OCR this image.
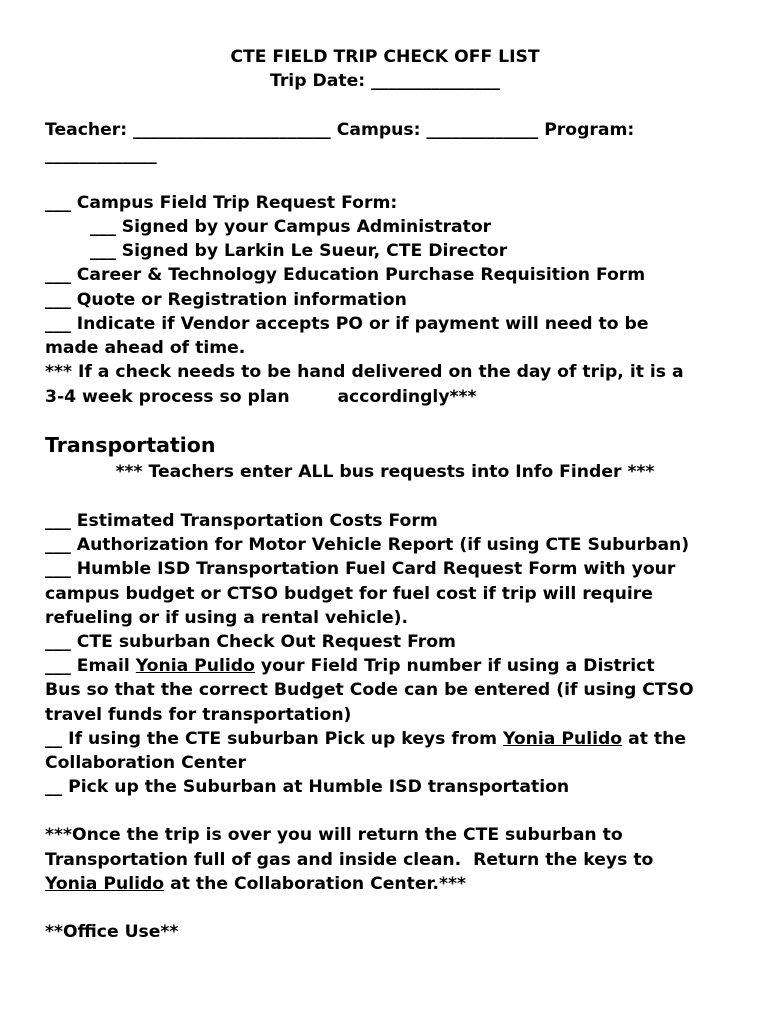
CTE FIELD TRIP CHECK OFF LIST
Trip Date: _______________
Teacher: _______________________ Campus: _____________ Program:
_____________
___ Campus Field Trip Request Form:
___ Signed by your Campus Administrator
___ Signed by Larkin Le Sueur, CTE Director
___ Career & Technology Education Purchase Requisition Form
___ Quote or Registration information
___ Indicate if Vendor accepts PO or if payment will need to be
made ahead of time.
*** If a check needs to be hand delivered on the day of trip, it is a
3-4 week process so plan        accordingly***
Transportation
*** Teachers enter ALL bus requests into Info Finder ***
___ Estimated Transportation Costs Form
___ Authorization for Motor Vehicle Report (if using CTE Suburban)
___ Humble ISD Transportation Fuel Card Request Form with your
campus budget or CTSO budget for fuel cost if trip will require
refueling or if using a rental vehicle).
___ CTE suburban Check Out Request From
___ Email Yonia Pulido your Field Trip number if using a District
Bus so that the correct Budget Code can be entered (if using CTSO
travel funds for transportation)
__ If using the CTE suburban Pick up keys from Yonia Pulido at the
Collaboration Center
__ Pick up the Suburban at Humble ISD transportation
***Once the trip is over you will return the CTE suburban to
Transportation full of gas and inside clean.  Return the keys to
Yonia Pulido at the Collaboration Center.***
**Office Use**
